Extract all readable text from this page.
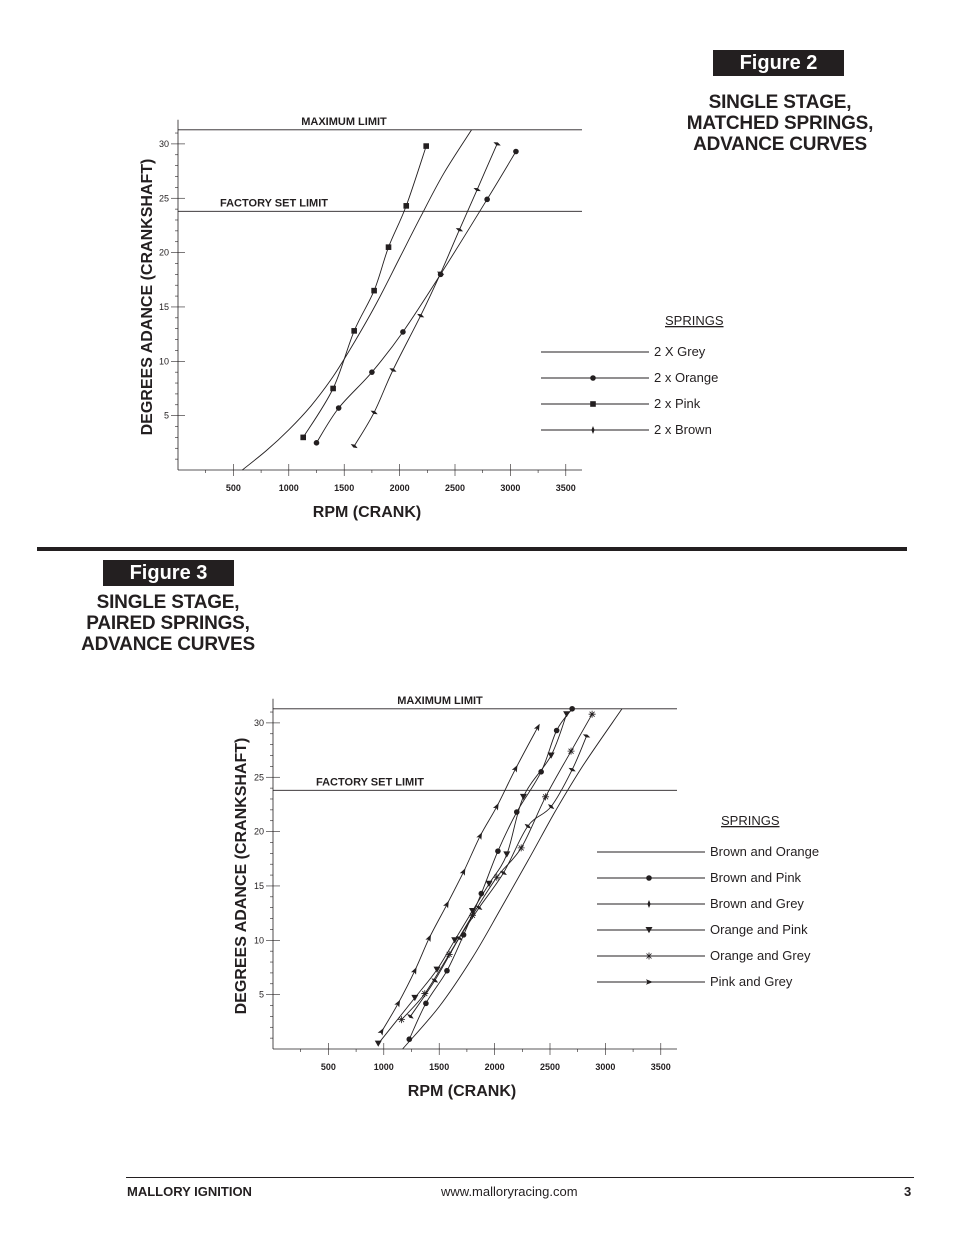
Figure 2
SINGLE STAGE,
MATCHED SPRINGS,
ADVANCE CURVES
5
10
15
20
25
30
500	1000	1500	2000	2500	3000	3500
RPM (CRANK)
DEGREES ADANCE (CRANKSHAFT)
MAXIMUM LIMIT
FACTORY SET LIMIT
SPRINGS
2 X Grey
2 x Orange
2 x Pink
2 x Brown
Figure 3
SINGLE STAGE,
PAIRED SPRINGS,
ADVANCE CURVES
5
10
15
20
25
30
500	1000	1500	2000	2500	3000	3500
RPM (CRANK)
DEGREES ADANCE (CRANKSHAFT)
MAXIMUM LIMIT
FACTORY SET LIMIT
SPRINGS
Brown and Orange
Brown and Pink
Brown and Grey
Orange and Pink
Orange and Grey
Pink and Grey
MALLORY IGNITION	www.malloryracing.com	3
